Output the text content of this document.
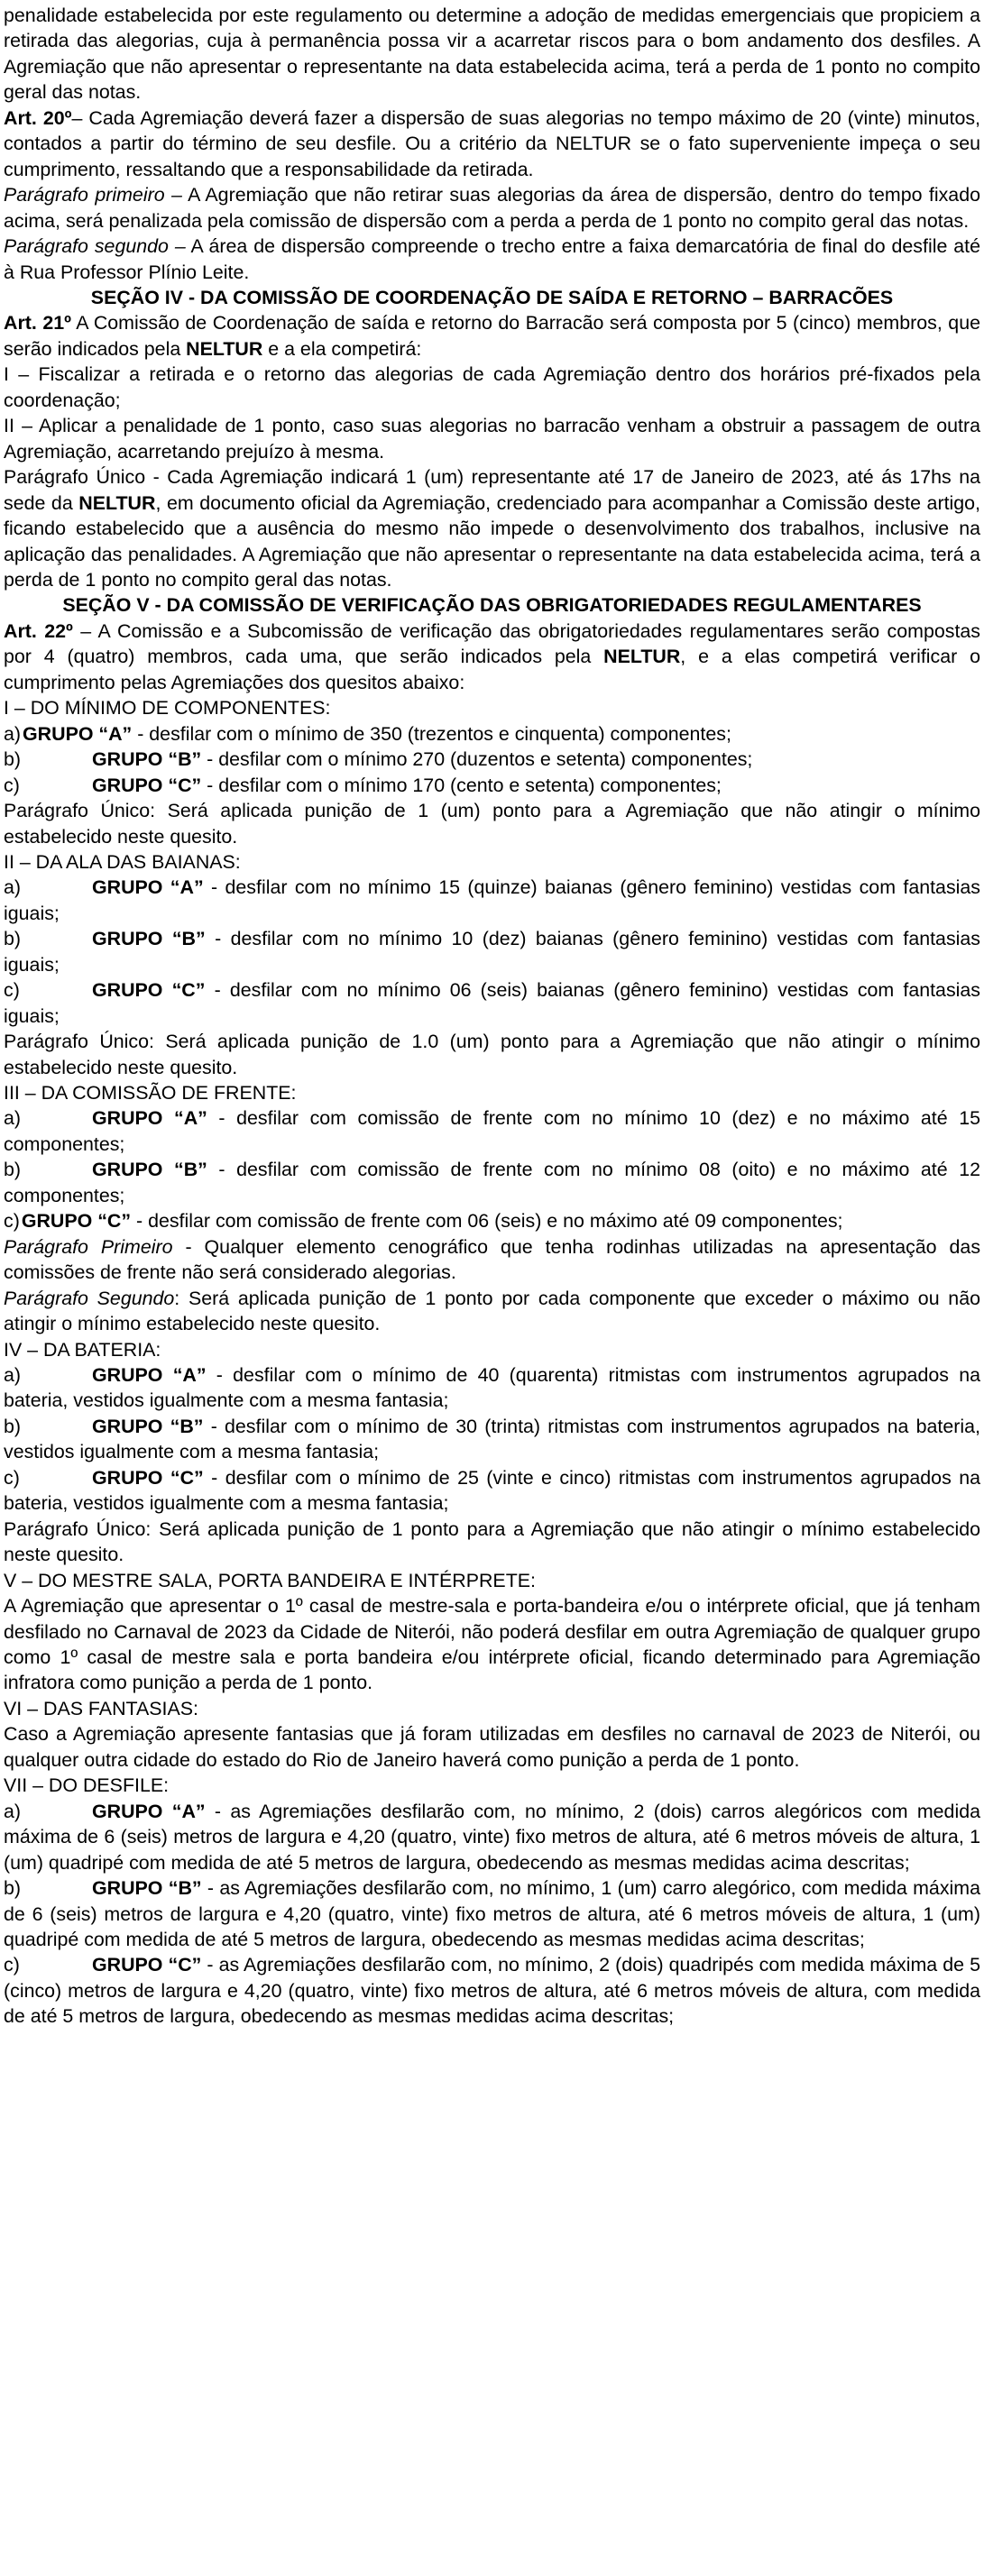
penalidade estabelecida por este regulamento ou determine a adoção de medidas emergenciais que propiciem a retirada das alegorias, cuja à permanência possa vir a acarretar riscos para o bom andamento dos desfiles. A Agremiação que não apresentar o representante na data estabelecida acima, terá a perda de 1 ponto no compito geral das notas.

Art. 20º– Cada Agremiação deverá fazer a dispersão de suas alegorias no tempo máximo de 20 (vinte) minutos, contados a partir do término de seu desfile. Ou a critério da NELTUR se o fato superveniente impeça o seu cumprimento, ressaltando que a responsabilidade da retirada.

Parágrafo primeiro – A Agremiação que não retirar suas alegorias da área de dispersão, dentro do tempo fixado acima, será penalizada pela comissão de dispersão com a perda a perda de 1 ponto no compito geral das notas.

Parágrafo segundo – A área de dispersão compreende o trecho entre a faixa demarcatória de final do desfile até à Rua Professor Plínio Leite.

SEÇÃO IV - DA COMISSÃO DE COORDENAÇÃO DE SAÍDA E RETORNO – BARRACÕES

Art. 21º A Comissão de Coordenação de saída e retorno do Barracão será composta por 5 (cinco) membros, que serão indicados pela NELTUR e a ela competirá:

I – Fiscalizar a retirada e o retorno das alegorias de cada Agremiação dentro dos horários pré-fixados pela coordenação;

II – Aplicar a penalidade de 1 ponto, caso suas alegorias no barracão venham a obstruir a passagem de outra Agremiação, acarretando prejuízo à mesma.

Parágrafo Único - Cada Agremiação indicará 1 (um) representante até 17 de Janeiro de 2023, até ás 17hs na sede da NELTUR, em documento oficial da Agremiação, credenciado para acompanhar a Comissão deste artigo, ficando estabelecido que a ausência do mesmo não impede o desenvolvimento dos trabalhos, inclusive na aplicação das penalidades. A Agremiação que não apresentar o representante na data estabelecida acima, terá a perda de 1 ponto no compito geral das notas.

SEÇÃO V - DA COMISSÃO DE VERIFICAÇÃO DAS OBRIGATORIEDADES REGULAMENTARES

Art. 22º – A Comissão e a Subcomissão de verificação das obrigatoriedades regulamentares serão compostas por 4 (quatro) membros, cada uma, que serão indicados pela NELTUR, e a elas competirá verificar o cumprimento pelas Agremiações dos quesitos abaixo:

I – DO MÍNIMO DE COMPONENTES:

a)GRUPO “A” - desfilar com o mínimo de 350 (trezentos e cinquenta) componentes;

b)	GRUPO “B” - desfilar com o mínimo 270 (duzentos e setenta) componentes;

c)	GRUPO “C” - desfilar com o mínimo 170 (cento e setenta) componentes;

Parágrafo Único: Será aplicada punição de 1 (um) ponto para a Agremiação que não atingir o mínimo estabelecido neste quesito.

II – DA ALA DAS BAIANAS:

a)	GRUPO “A” - desfilar com no mínimo 15 (quinze) baianas (gênero feminino) vestidas com fantasias iguais;

b)	GRUPO “B” - desfilar com no mínimo 10 (dez) baianas (gênero feminino) vestidas com fantasias iguais;

c)	GRUPO “C” - desfilar com no mínimo 06 (seis) baianas (gênero feminino) vestidas com fantasias iguais;

Parágrafo Único: Será aplicada punição de 1.0 (um) ponto para a Agremiação que não atingir o mínimo estabelecido neste quesito.

III – DA COMISSÃO DE FRENTE:

a)	GRUPO “A” - desfilar com comissão de frente com no mínimo 10 (dez) e no máximo até 15 componentes;

b)	GRUPO “B” - desfilar com comissão de frente com no mínimo 08 (oito) e no máximo até 12 componentes;

c)GRUPO “C” - desfilar com comissão de frente com 06 (seis) e no máximo até 09 componentes;

Parágrafo Primeiro - Qualquer elemento cenográfico que tenha rodinhas utilizadas na apresentação das comissões de frente não será considerado alegorias.

Parágrafo Segundo: Será aplicada punição de 1 ponto por cada componente que exceder o máximo ou não atingir o mínimo estabelecido neste quesito.

IV – DA BATERIA:

a)	GRUPO “A” - desfilar com o mínimo de 40 (quarenta) ritmistas com instrumentos agrupados na bateria, vestidos igualmente com a mesma fantasia;

b)	GRUPO “B” - desfilar com o mínimo de 30 (trinta) ritmistas com instrumentos agrupados na bateria, vestidos igualmente com a mesma fantasia;

c)	GRUPO “C” - desfilar com o mínimo de 25 (vinte e cinco) ritmistas com instrumentos agrupados na bateria, vestidos igualmente com a mesma fantasia;

Parágrafo Único: Será aplicada punição de 1 ponto para a Agremiação que não atingir o mínimo estabelecido neste quesito.

V – DO MESTRE SALA, PORTA BANDEIRA E INTÉRPRETE:

A Agremiação que apresentar o 1º casal de mestre-sala e porta-bandeira e/ou o intérprete oficial, que já tenham desfilado no Carnaval de 2023 da Cidade de Niterói, não poderá desfilar em outra Agremiação de qualquer grupo como 1º casal de mestre sala e porta bandeira e/ou intérprete oficial, ficando determinado para Agremiação infratora como punição a perda de 1 ponto.

VI – DAS FANTASIAS:

Caso a Agremiação apresente fantasias que já foram utilizadas em desfiles no carnaval de 2023 de Niterói, ou qualquer outra cidade do estado do Rio de Janeiro haverá como punição a perda de 1 ponto.

VII – DO DESFILE:

a)	GRUPO “A” - as Agremiações desfilarão com, no mínimo, 2 (dois) carros alegóricos com medida máxima de 6 (seis) metros de largura e 4,20 (quatro, vinte) fixo metros de altura, até 6 metros móveis de altura, 1 (um) quadripé com medida de até 5 metros de largura, obedecendo as mesmas medidas acima descritas;

b)	GRUPO “B” - as Agremiações desfilarão com, no mínimo, 1 (um) carro alegórico, com medida máxima de 6 (seis) metros de largura e 4,20 (quatro, vinte) fixo metros de altura, até 6 metros móveis de altura, 1 (um) quadripé com medida de até 5 metros de largura, obedecendo as mesmas medidas acima descritas;

c)	GRUPO “C” - as Agremiações desfilarão com, no mínimo, 2 (dois) quadripés com medida máxima de 5 (cinco) metros de largura e 4,20 (quatro, vinte) fixo metros de altura, até 6 metros móveis de altura, com medida de até 5 metros de largura, obedecendo as mesmas medidas acima descritas;
